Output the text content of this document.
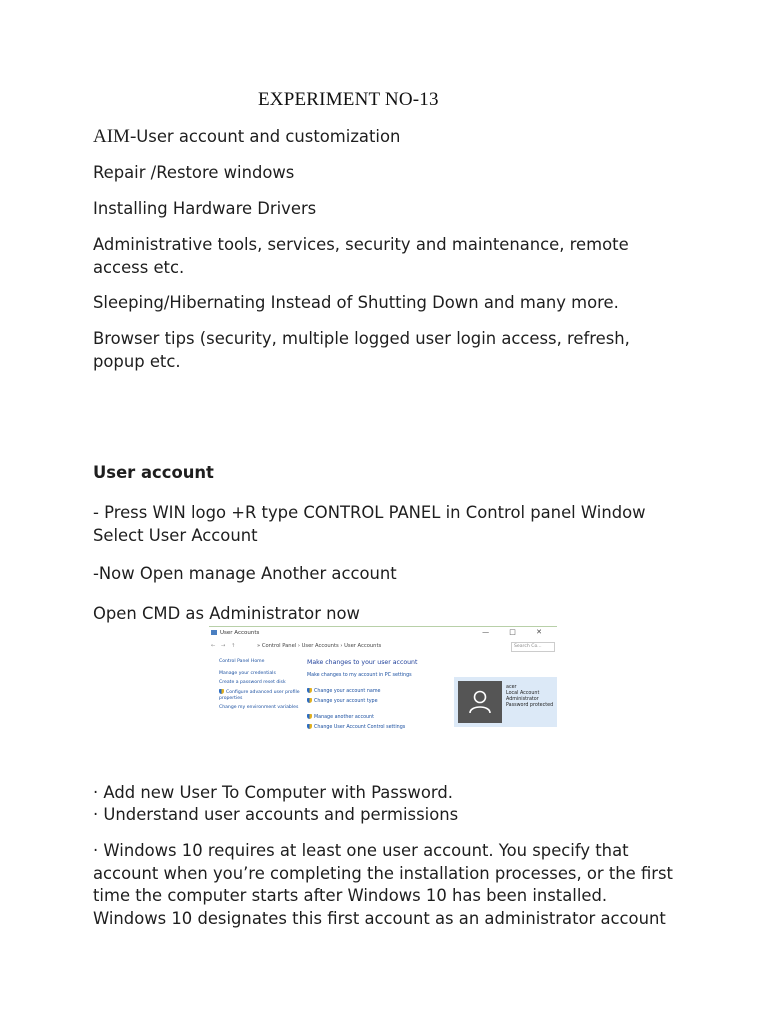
EXPERIMENT NO-13
AIM-User account and customization
Repair /Restore windows
Installing Hardware Drivers
Administrative tools, services, security and maintenance, remote access etc.
Sleeping/Hibernating Instead of Shutting Down and many more.
Browser tips (security, multiple logged user login access, refresh, popup etc.
User account
- Press WIN logo +R type CONTROL PANEL in Control panel Window Select User Account
-Now Open manage Another account
Open CMD as Administrator now
User Accounts	— □ ✕
← → ↑	» Control Panel › User Accounts › User Accounts	Search Co...
Control Panel Home
Manage your credentials
Create a password reset disk
Configure advanced user profile properties
Change my environment variables
Make changes to your user account
Make changes to my account in PC settings
Change your account name
Change your account type
Manage another account
Change User Account Control settings
acer
Local Account
Administrator
Password protected
· Add new User To Computer with Password.
· Understand user accounts and permissions
· Windows 10 requires at least one user account. You specify that account when you’re completing the installation processes, or the first time the computer starts after Windows 10 has been installed. Windows 10 designates this first account as an administrator account
